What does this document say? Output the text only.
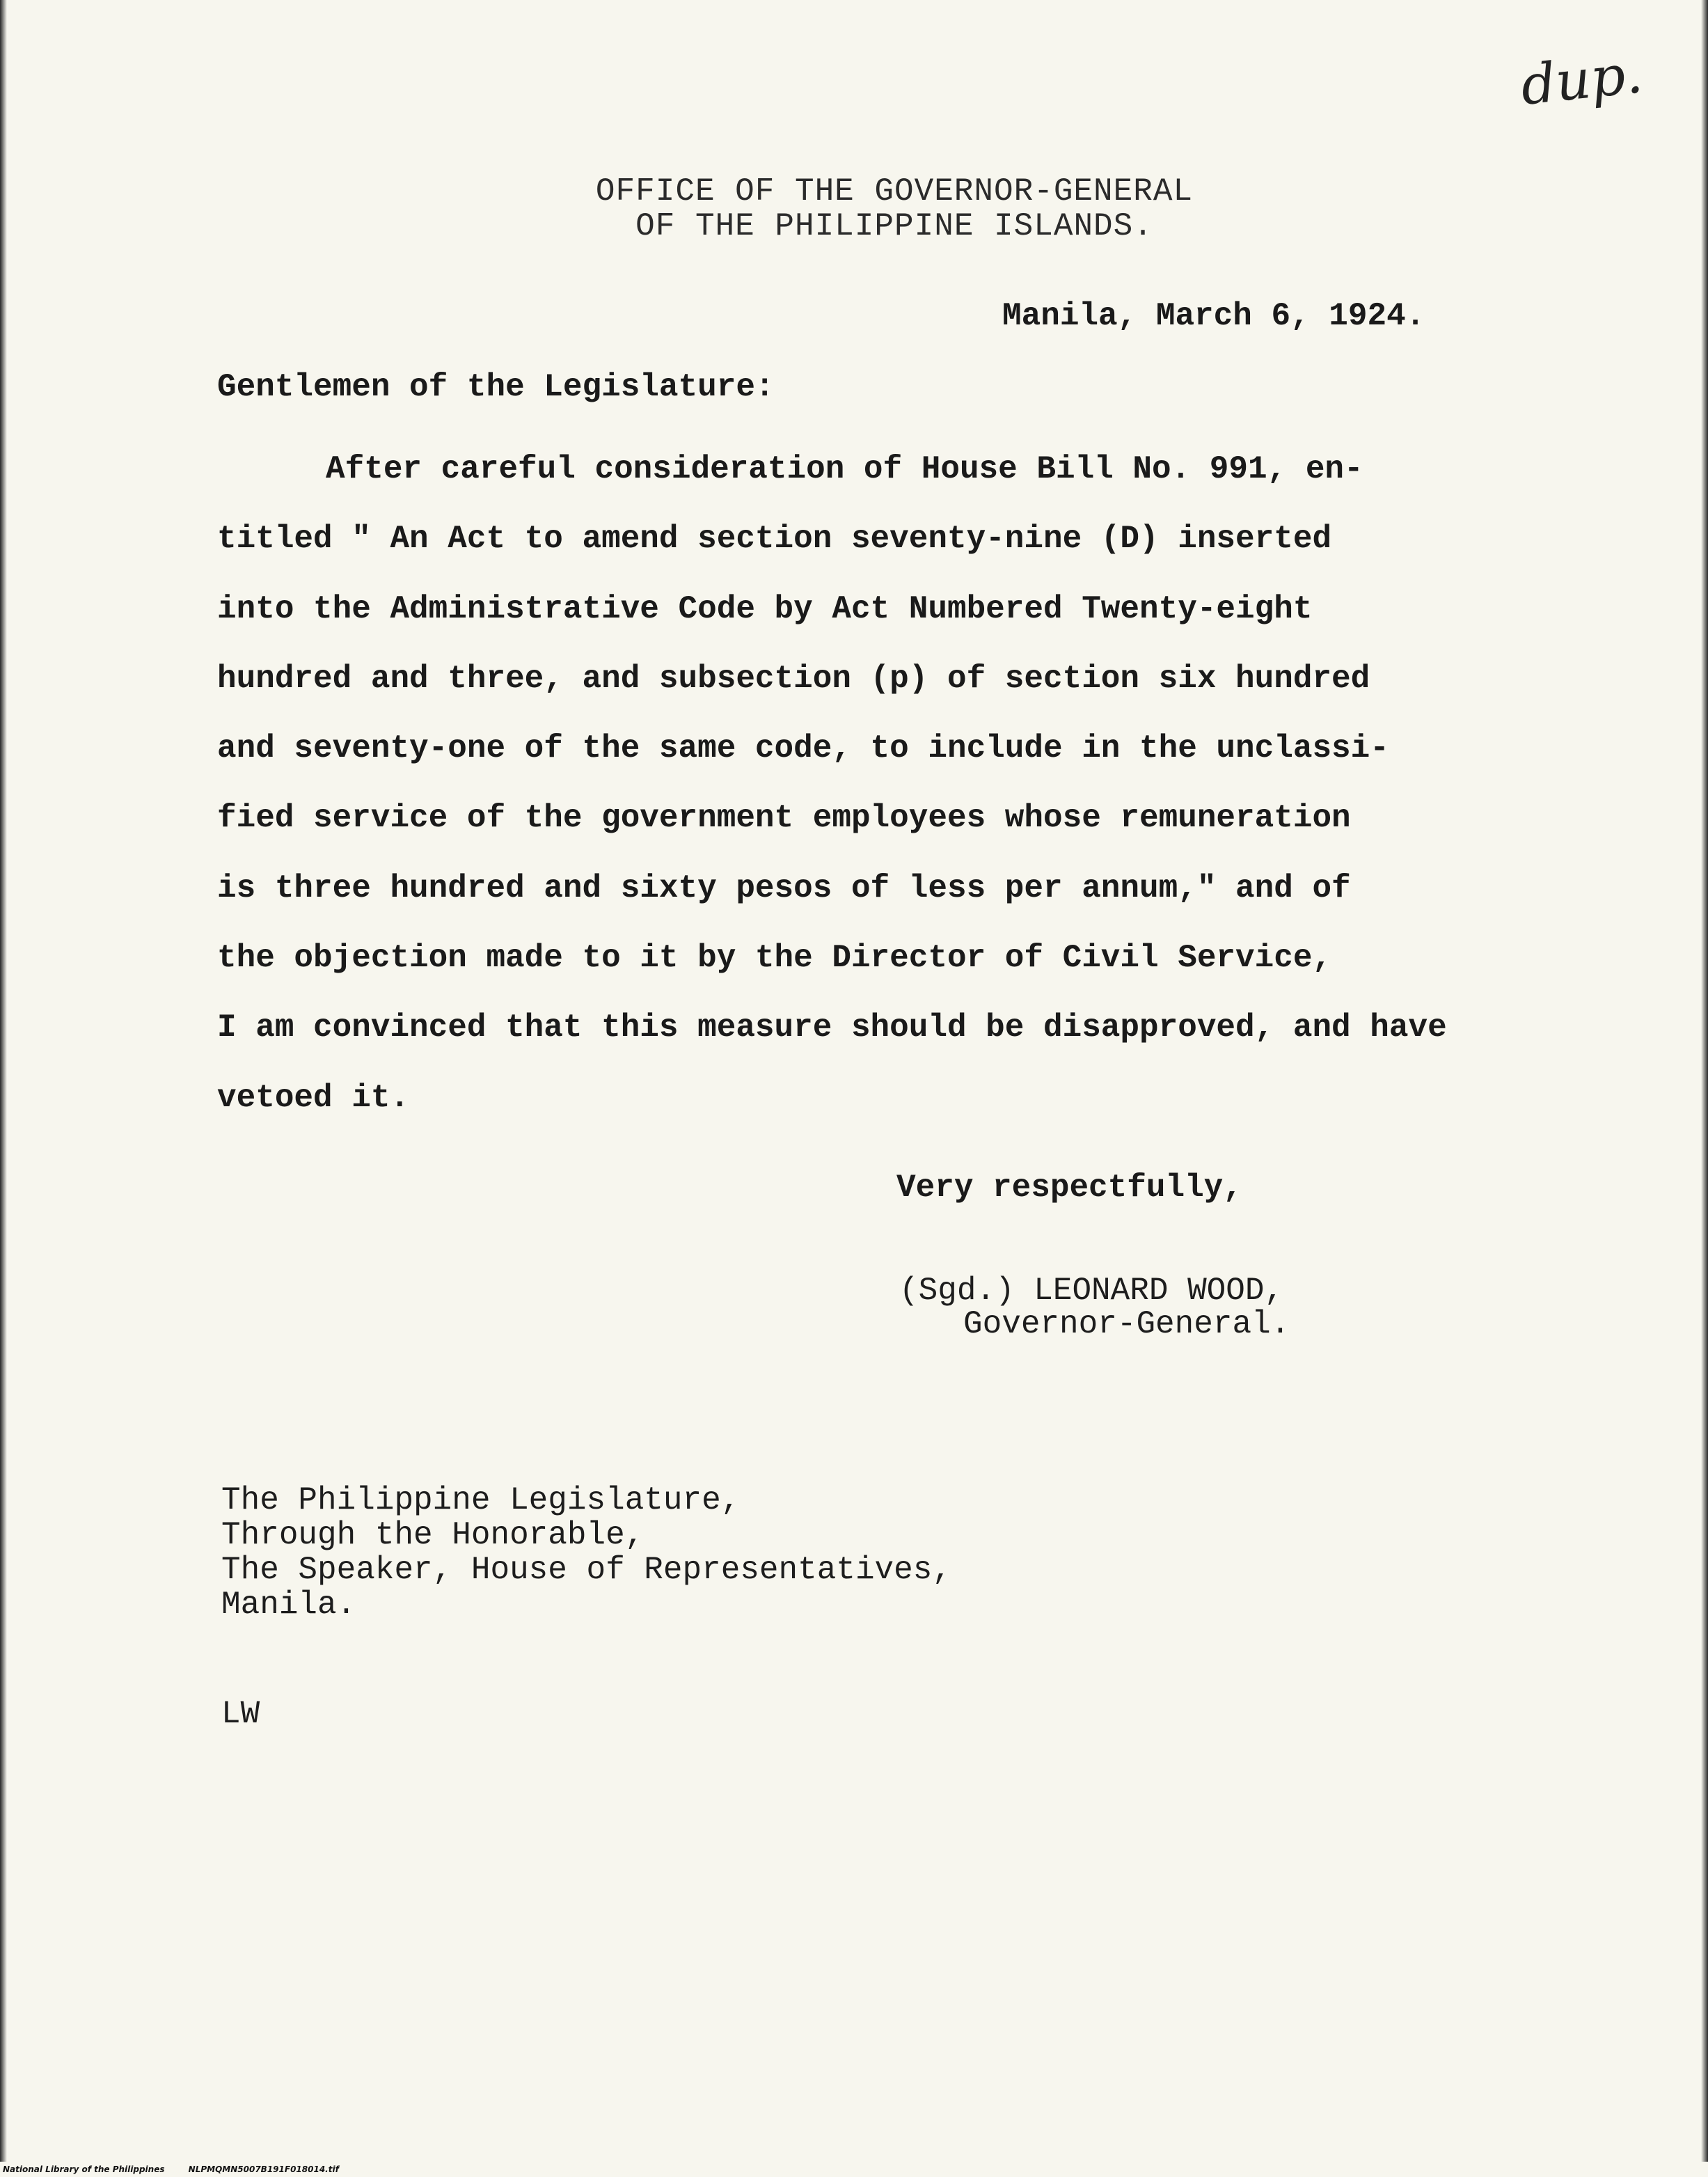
dup.
OFFICE OF THE GOVERNOR-GENERAL
OF THE PHILIPPINE ISLANDS.
Manila, March 6, 1924.
Gentlemen of the Legislature:
After careful consideration of House Bill No. 991, en-
titled " An Act to amend section seventy-nine (D) inserted
into the Administrative Code by Act Numbered Twenty-eight
hundred and three, and subsection (p) of section six hundred
and seventy-one of the same code, to include in the unclassi-
fied service of the government employees whose remuneration
is three hundred and sixty pesos of less per annum," and of
the objection made to it by the Director of Civil Service,
I am convinced that this measure should be disapproved, and have
vetoed it.
Very respectfully,
(Sgd.) LEONARD WOOD,
Governor-General.
The Philippine Legislature,
Through the Honorable,
The Speaker, House of Representatives,
Manila.
LW
National Library of the Philippines	NLPMQMN5007B191F018014.tif
